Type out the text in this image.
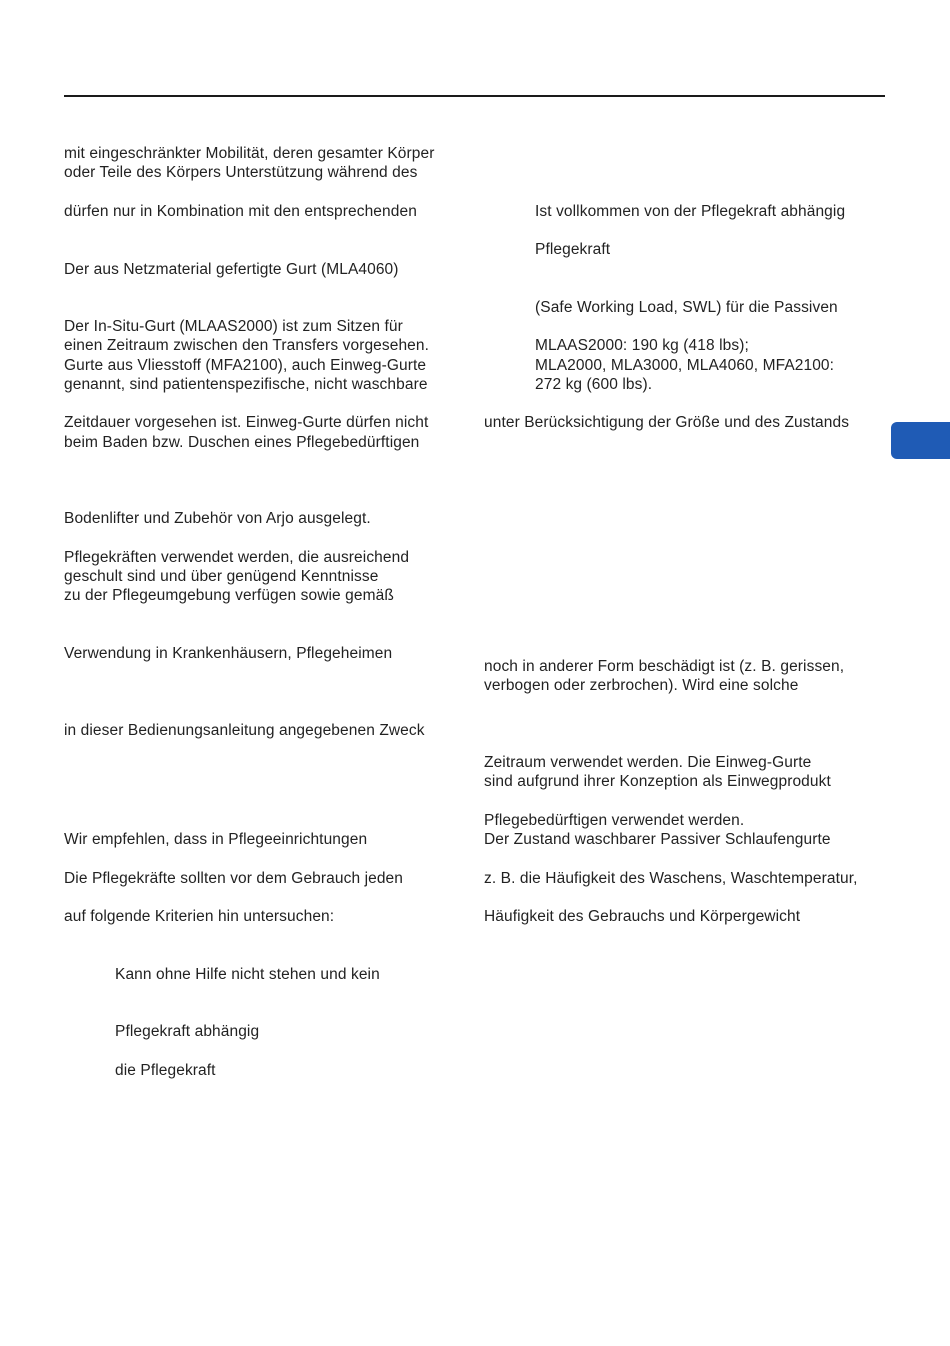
mit eingeschränkter Mobilität, deren gesamter Körper
oder Teile des Körpers Unterstützung während des
dürfen nur in Kombination mit den entsprechenden
Der aus Netzmaterial gefertigte Gurt (MLA4060)
Der In-Situ-Gurt (MLAAS2000) ist zum Sitzen für
einen Zeitraum zwischen den Transfers vorgesehen.
Gurte aus Vliesstoff (MFA2100), auch Einweg-Gurte
genannt, sind patientenspezifische, nicht waschbare
Zeitdauer vorgesehen ist. Einweg-Gurte dürfen nicht
beim Baden bzw. Duschen eines Pflegebedürftigen
Bodenlifter und Zubehör von Arjo ausgelegt.
Pflegekräften verwendet werden, die ausreichend
geschult sind und über genügend Kenntnisse
zu der Pflegeumgebung verfügen sowie gemäß
Verwendung in Krankenhäusern, Pflegeheimen
in dieser Bedienungsanleitung angegebenen Zweck
Wir empfehlen, dass in Pflegeeinrichtungen
Die Pflegekräfte sollten vor dem Gebrauch jeden
auf folgende Kriterien hin untersuchen:
Kann ohne Hilfe nicht stehen und kein
Pflegekraft abhängig
die Pflegekraft
Ist vollkommen von der Pflegekraft abhängig
Pflegekraft
(Safe Working Load, SWL) für die Passiven
MLAAS2000: 190 kg (418 lbs);
MLA2000, MLA3000, MLA4060, MFA2100:
272 kg (600 lbs).
unter Berücksichtigung der Größe und des Zustands
noch in anderer Form beschädigt ist (z. B. gerissen,
verbogen oder zerbrochen). Wird eine solche
Zeitraum verwendet werden. Die Einweg-Gurte
sind aufgrund ihrer Konzeption als Einwegprodukt
Pflegebedürftigen verwendet werden.
Der Zustand waschbarer Passiver Schlaufengurte
z. B. die Häufigkeit des Waschens, Waschtemperatur,
Häufigkeit des Gebrauchs und Körpergewicht
